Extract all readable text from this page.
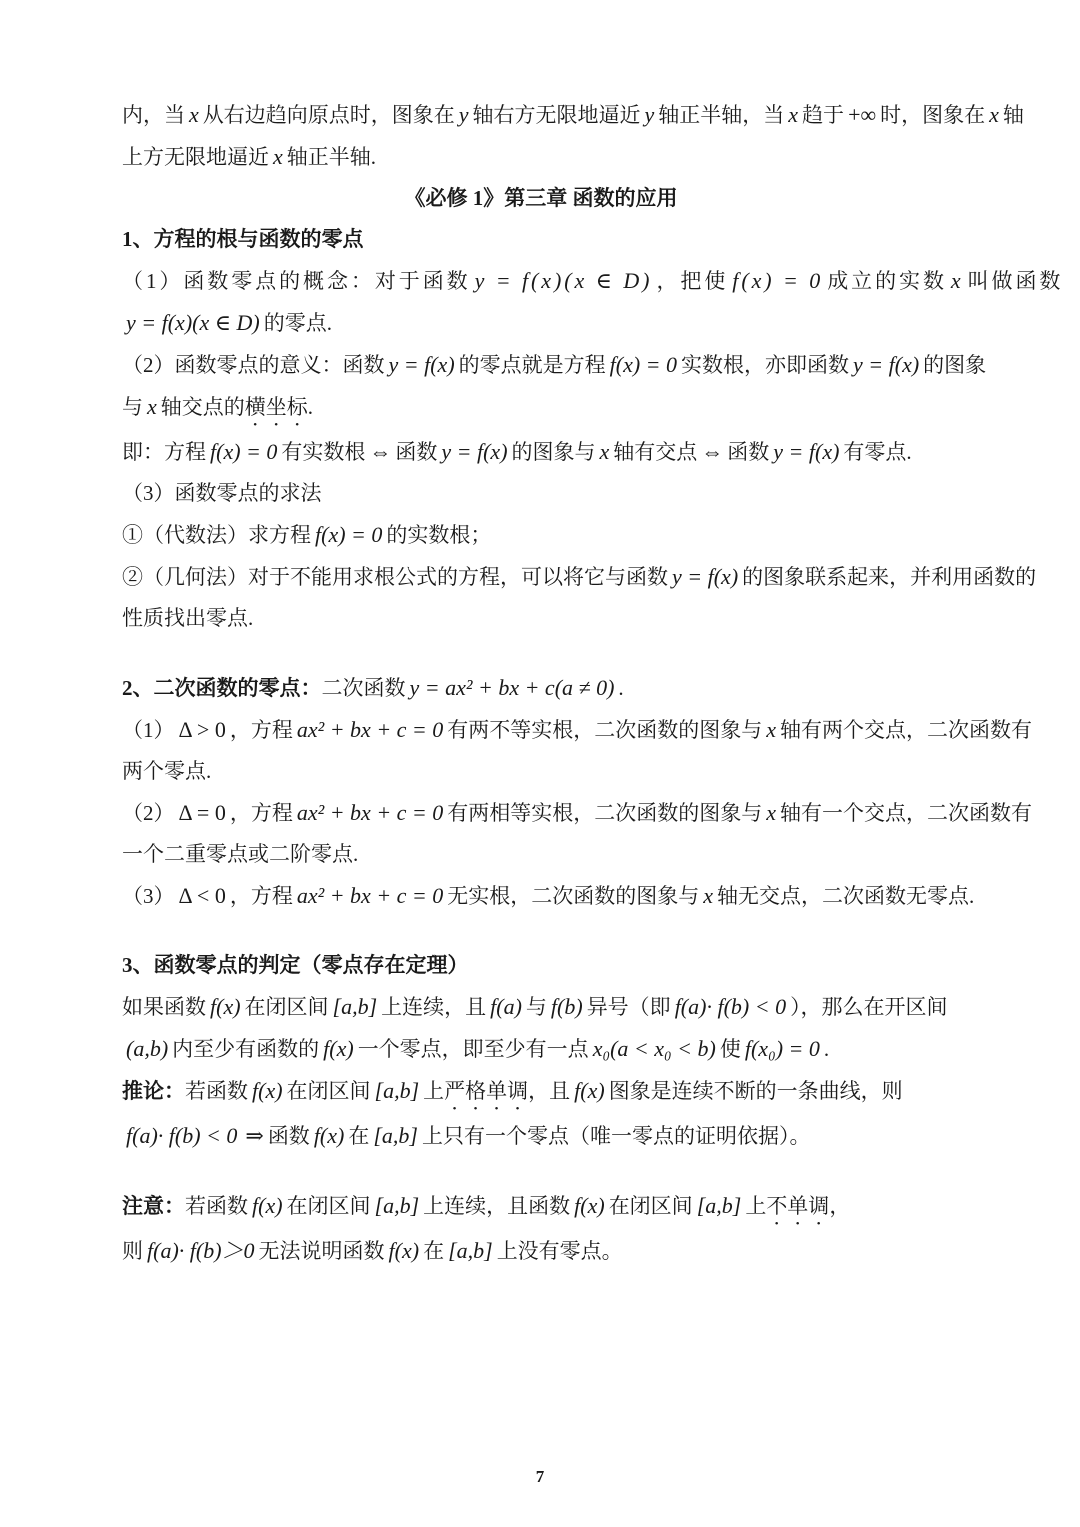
内，当 x 从右边趋向原点时，图象在 y 轴右方无限地逼近 y 轴正半轴，当 x 趋于 +∞ 时，图象在 x 轴
上方无限地逼近 x 轴正半轴.
《必修 1》第三章 函数的应用
1、方程的根与函数的零点
（1）函数零点的概念：对于函数 y = f(x)(x ∈ D) ，把使 f(x) = 0 成立的实数 x 叫做函数
y = f(x)(x ∈ D) 的零点.
（2）函数零点的意义：函数 y = f(x) 的零点就是方程 f(x) = 0 实数根，亦即函数 y = f(x) 的图象
与 x 轴交点的横坐标.
即：方程 f(x) = 0 有实数根 ⇔ 函数 y = f(x) 的图象与 x 轴有交点 ⇔ 函数 y = f(x) 有零点.
（3）函数零点的求法
①（代数法）求方程 f(x) = 0 的实数根；
②（几何法）对于不能用求根公式的方程，可以将它与函数 y = f(x) 的图象联系起来，并利用函数的
性质找出零点.
2、二次函数的零点：二次函数 y = ax² + bx + c(a ≠ 0) .
（1） Δ > 0 ，方程 ax² + bx + c = 0 有两不等实根，二次函数的图象与 x 轴有两个交点，二次函数有
两个零点.
（2） Δ = 0 ，方程 ax² + bx + c = 0 有两相等实根，二次函数的图象与 x 轴有一个交点，二次函数有
一个二重零点或二阶零点.
（3） Δ < 0 ，方程 ax² + bx + c = 0 无实根，二次函数的图象与 x 轴无交点，二次函数无零点.
3、函数零点的判定（零点存在定理）
如果函数 f(x) 在闭区间 [a,b] 上连续，且 f(a) 与 f(b) 异号（即 f(a)· f(b) < 0 ），那么在开区间
(a,b) 内至少有函数的 f(x) 一个零点，即至少有一点 x₀(a < x₀ < b) 使 f(x₀) = 0 .
推论：若函数 f(x) 在闭区间 [a,b] 上严格单调，且 f(x) 图象是连续不断的一条曲线，则
f(a)· f(b) < 0 ⇒ 函数 f(x) 在 [a,b] 上只有一个零点（唯一零点的证明依据）。
注意：若函数 f(x) 在闭区间 [a,b] 上连续，且函数 f(x) 在闭区间 [a,b] 上不单调，
则 f(a)· f(b)＞0 无法说明函数 f(x) 在 [a,b] 上没有零点。
7
